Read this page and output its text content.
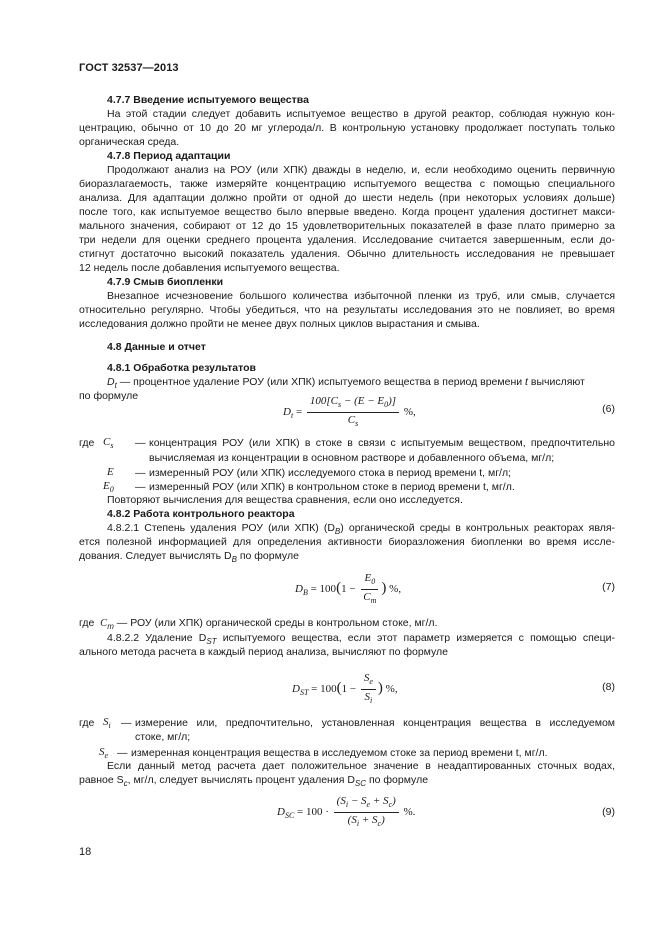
ГОСТ 32537—2013
4.7.7 Введение испытуемого вещества
На этой стадии следует добавить испытуемое вещество в другой реактор, соблюдая нужную кон-
центрацию, обычно от 10 до 20 мг углерода/л. В контрольную установку продолжает поступать только
органическая среда.
4.7.8 Период адаптации
Продолжают анализ на РОУ (или ХПК) дважды в неделю, и, если необходимо оценить первичную
биоразлагаемость, также измеряйте концентрацию испытуемого вещества с помощью специального
анализа. Для адаптации должно пройти от одной до шести недель (при некоторых условиях дольше)
после того, как испытуемое вещество было впервые введено. Когда процент удаления достигнет макси-
мального значения, собирают от 12 до 15 удовлетворительных показателей в фазе плато примерно за
три недели для оценки среднего процента удаления. Исследование считается завершенным, если до-
стигнут достаточно высокий показатель удаления. Обычно длительность исследования не превышает
12 недель после добавления испытуемого вещества.
4.7.9 Смыв биопленки
Внезапное исчезновение большого количества избыточной пленки из труб, или смыв, случается
относительно регулярно. Чтобы убедиться, что на результаты исследования это не повлияет, во время
исследования должно пройти не менее двух полных циклов вырастания и смыва.
4.8 Данные и отчет
4.8.1 Обработка результатов
$D_t$ — процентное удаление РОУ (или ХПК) испытуемого вещества в период времени t вычисляют
по формуле
$D_t = \frac{100[C_s - (E - E_0)]}{C_s}$ %,	(6)
где $C_s$ — концентрация РОУ (или ХПК) в стоке в связи с испытуемым веществом, предпочтительно
вычисляемая из концентрации в основном растворе и добавленного объема, мг/л;
E — измеренный РОУ (или ХПК) исследуемого стока в период времени t, мг/л;
$E_0$ — измеренный РОУ (или ХПК) в контрольном стоке в период времени t, мг/л.
Повторяют вычисления для вещества сравнения, если оно исследуется.
4.8.2 Работа контрольного реактора
4.8.2.1 Степень удаления РОУ (или ХПК) $(D_B)$ органической среды в контрольных реакторах явля-
ется полезной информацией для определения активности биоразложения биопленки во время иссле-
дования. Следует вычислять $D_B$ по формуле
$D_B = 100(1 - \frac{E_0}{C_m}$ ) %,	(7)
где $C_m$ — РОУ (или ХПК) органической среды в контрольном стоке, мг/л.
4.8.2.2 Удаление $D_{ST}$ испытуемого вещества, если этот параметр измеряется с помощью специ-
ального метода расчета в каждый период анализа, вычисляют по формуле
$D_{ST} = 100(1 - \frac{S_e}{S_i}$ ) %,	(8)
где $S_i$ — измерение или, предпочтительно, установленная концентрация вещества в исследуемом
стоке, мг/л;
$S_e$ — измеренная концентрация вещества в исследуемом стоке за период времени t, мг/л.
Если данный метод расчета дает положительное значение в неадаптированных сточных водах,
равное $S_c$, мг/л, следует вычислять процент удаления $D_{SC}$ по формуле
$D_{SC} = 100 \cdot \frac{(S_i - S_e + S_c)}{(S_i + S_c)}$ %.	(9)
18
